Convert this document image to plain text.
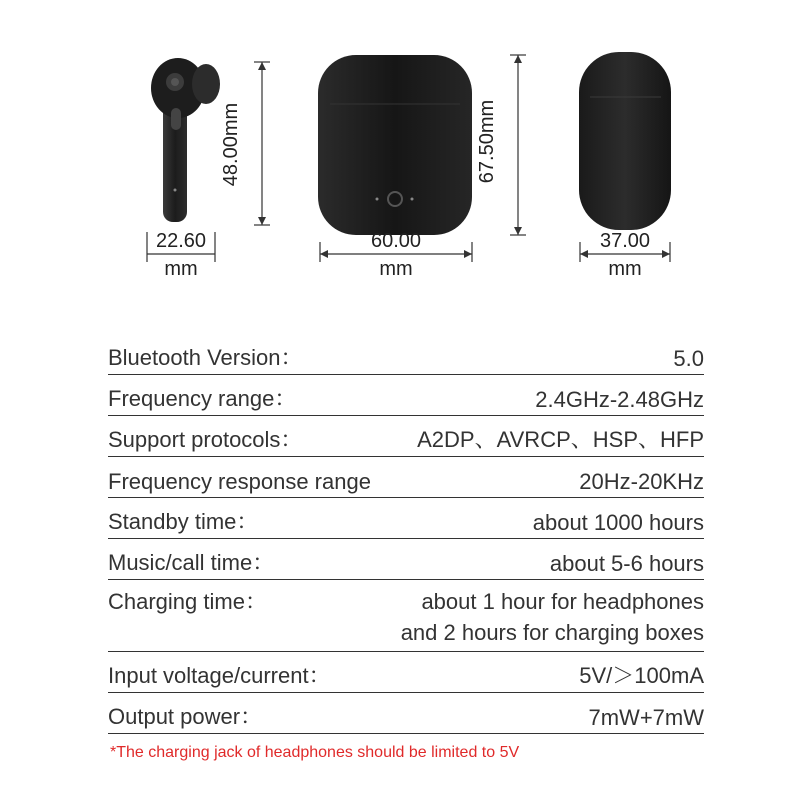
48.00mm
22.60
mm
67.50mm
60.00
mm
37.00
mm
Bluetooth Version：	5.0
Frequency range：	2.4GHz-2.48GHz
Support protocols：	A2DP、AVRCP、HSP、HFP
Frequency response range	20Hz-20KHz
Standby time：	about 1000 hours
Music/call time：	about 5-6 hours
Charging time：	about 1 hour for headphones
and 2 hours for charging boxes
Input voltage/current：	5V/＞100mA
Output power：	7mW+7mW
*The charging jack of headphones should be limited to 5V
